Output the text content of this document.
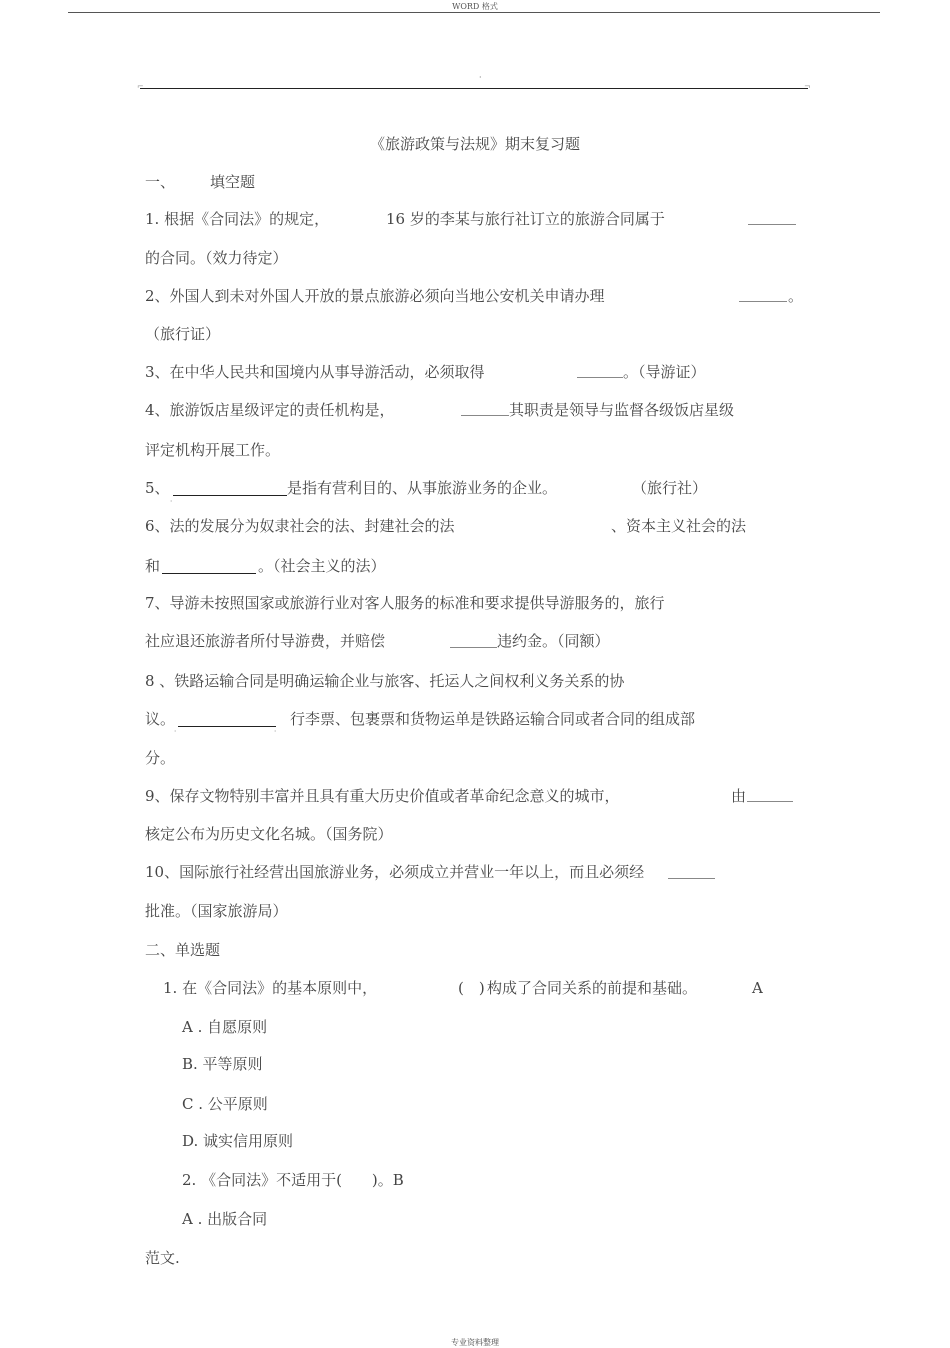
WORD 格式
·
⌐	¬
《旅游政策与法规》期末复习题
一、 填空题
1. 根据《合同法》的规定，	16 岁的李某与旅行社订立的旅游合同属于
的合同。（效力待定）
2、外国人到未对外国人开放的景点旅游必须向当地公安机关申请办理	。
（旅行证）
3、在中华人民共和国境内从事导游活动，必须取得	。（导游证）
4、旅游饭店星级评定的责任机构是，	其职责是领导与监督各级饭店星级
评定机构开展工作。
5、
ˌ
是指有营利目的、从事旅游业务的企业。	（旅行社）
6、法的发展分为奴隶社会的法、封建社会的法	、资本主义社会的法
和	。（社会主义的法）
7、导游未按照国家或旅游行业对客人服务的标准和要求提供导游服务的，旅行
社应退还旅游者所付导游费，并赔偿	违约金。（同额）
8 、铁路运输合同是明确运输企业与旅客、托运人之间权利义务关系的协
议。
ˌ	ˌ
行李票、包裹票和货物运单是铁路运输合同或者合同的组成部
分。
9、保存文物特别丰富并且具有重大历史价值或者革命纪念意义的城市，	由
核定公布为历史文化名城。（国务院）
10、国际旅行社经营出国旅游业务，必须成立并营业一年以上，而且必须经
批准。（国家旅游局）
二、单选题
1. 在《合同法》的基本原则中，	(　) 构成了合同关系的前提和基础。	A
A . 自愿原则
B. 平等原则
C . 公平原则
D. 诚实信用原则
2. 《合同法》不适用于(　　)。B
A . 出版合同
范文.
专业资料整理
